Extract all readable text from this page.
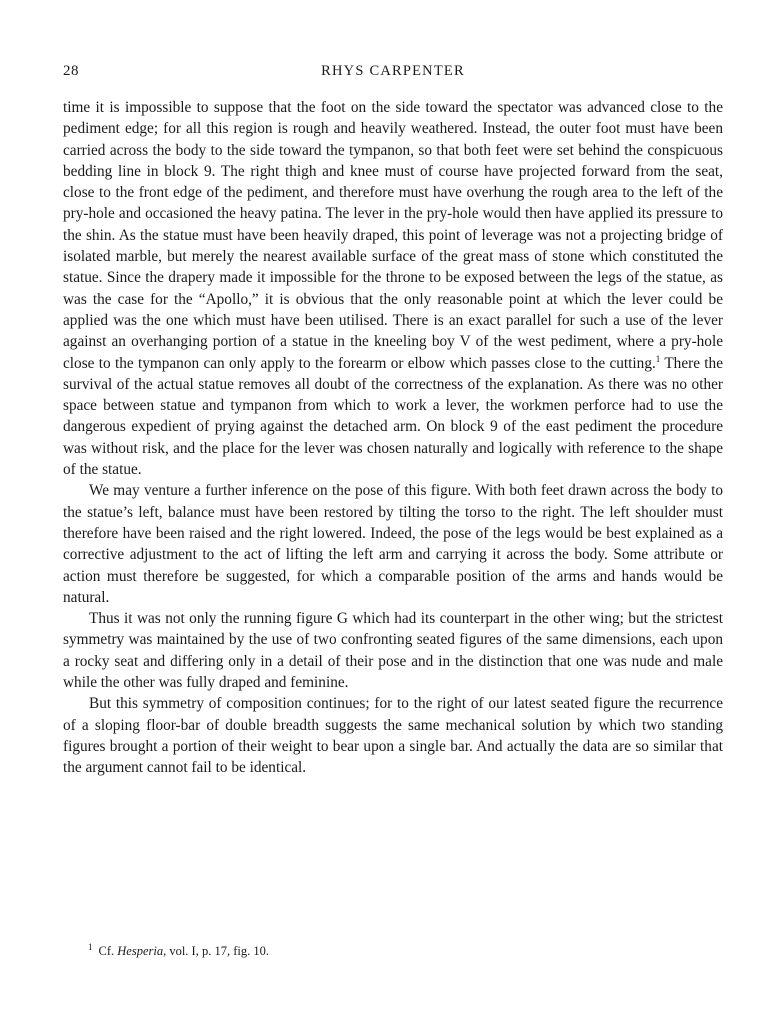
28	RHYS CARPENTER

time it is impossible to suppose that the foot on the side toward the spectator was advanced close to the pediment edge; for all this region is rough and heavily weathered. Instead, the outer foot must have been carried across the body to the side toward the tympanon, so that both feet were set behind the conspicuous bedding line in block 9. The right thigh and knee must of course have projected forward from the seat, close to the front edge of the pediment, and therefore must have overhung the rough area to the left of the pry-hole and occasioned the heavy patina. The lever in the pry-hole would then have applied its pressure to the shin. As the statue must have been heavily draped, this point of leverage was not a projecting bridge of isolated marble, but merely the nearest available surface of the great mass of stone which constituted the statue. Since the drapery made it impossible for the throne to be exposed between the legs of the statue, as was the case for the “Apollo,” it is obvious that the only reasonable point at which the lever could be applied was the one which must have been utilised. There is an exact parallel for such a use of the lever against an overhanging portion of a statue in the kneeling boy V of the west pediment, where a pry-hole close to the tympanon can only apply to the forearm or elbow which passes close to the cutting.$^1$ There the survival of the actual statue removes all doubt of the correctness of the explanation. As there was no other space between statue and tympanon from which to work a lever, the workmen perforce had to use the dangerous expedient of prying against the detached arm. On block 9 of the east pediment the procedure was without risk, and the place for the lever was chosen naturally and logically with reference to the shape of the statue.

We may venture a further inference on the pose of this figure. With both feet drawn across the body to the statue’s left, balance must have been restored by tilting the torso to the right. The left shoulder must therefore have been raised and the right lowered. Indeed, the pose of the legs would be best explained as a corrective adjustment to the act of lifting the left arm and carrying it across the body. Some attribute or action must therefore be suggested, for which a comparable position of the arms and hands would be natural.

Thus it was not only the running figure G which had its counterpart in the other wing; but the strictest symmetry was maintained by the use of two confronting seated figures of the same dimensions, each upon a rocky seat and differing only in a detail of their pose and in the distinction that one was nude and male while the other was fully draped and feminine.

But this symmetry of composition continues; for to the right of our latest seated figure the recurrence of a sloping floor-bar of double breadth suggests the same mechanical solution by which two standing figures brought a portion of their weight to bear upon a single bar. And actually the data are so similar that the argument cannot fail to be identical.

$^1$ Cf. Hesperia, vol. I, p. 17, fig. 10.
